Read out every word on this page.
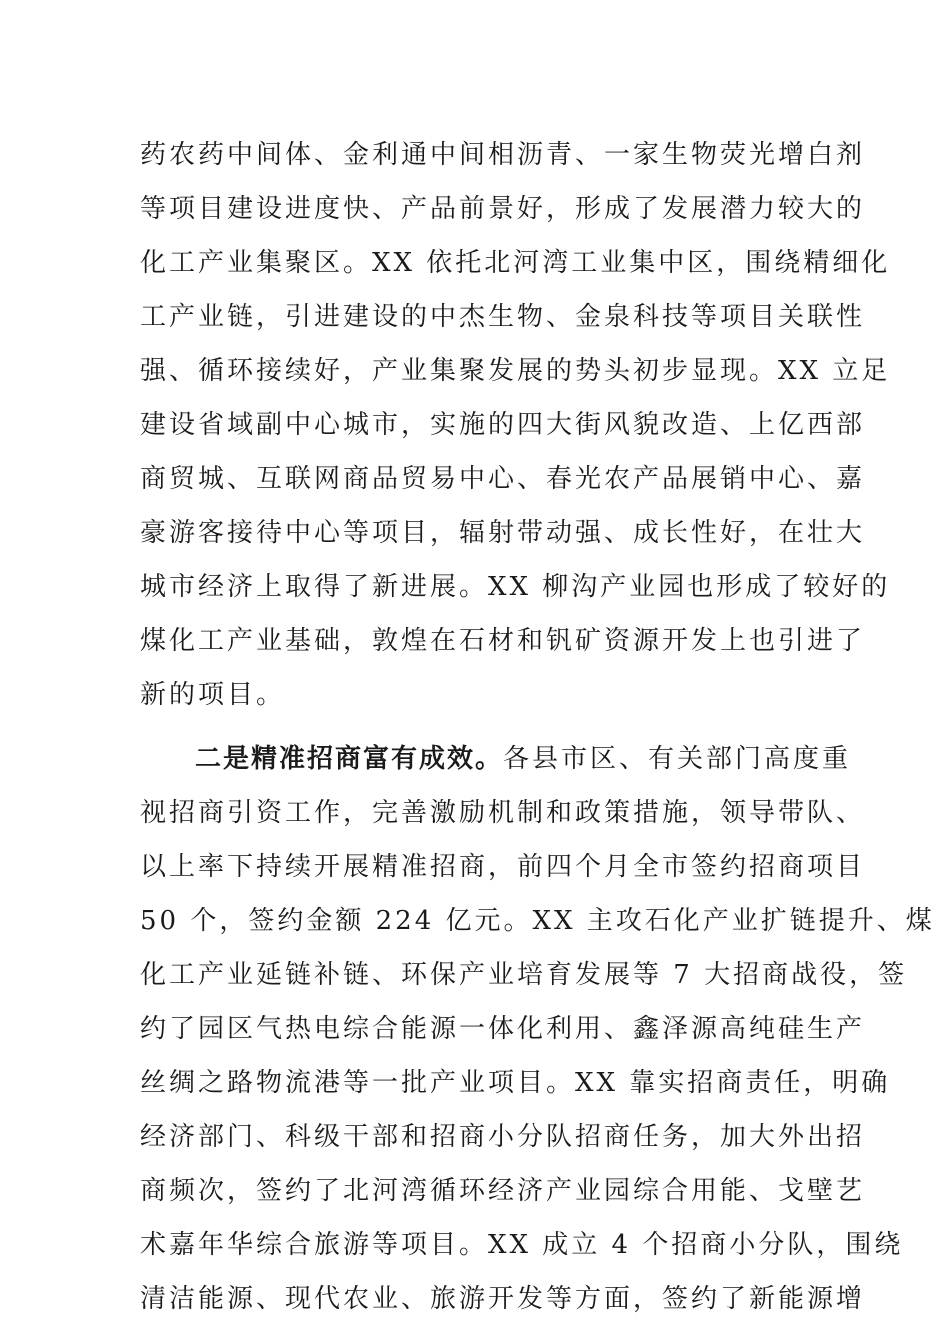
药农药中间体、金利通中间相沥青、一家生物荧光增白剂
等项目建设进度快、产品前景好，形成了发展潜力较大的
化工产业集聚区。XX 依托北河湾工业集中区，围绕精细化
工产业链，引进建设的中杰生物、金泉科技等项目关联性
强、循环接续好，产业集聚发展的势头初步显现。XX 立足
建设省域副中心城市，实施的四大街风貌改造、上亿西部
商贸城、互联网商品贸易中心、春光农产品展销中心、嘉
豪游客接待中心等项目，辐射带动强、成长性好，在壮大
城市经济上取得了新进展。XX 柳沟产业园也形成了较好的
煤化工产业基础，敦煌在石材和钒矿资源开发上也引进了
新的项目。
二是精准招商富有成效。各县市区、有关部门高度重
视招商引资工作，完善激励机制和政策措施，领导带队、
以上率下持续开展精准招商，前四个月全市签约招商项目
50 个，签约金额 224 亿元。XX 主攻石化产业扩链提升、煤
化工产业延链补链、环保产业培育发展等 7 大招商战役，签
约了园区气热电综合能源一体化利用、鑫泽源高纯硅生产
丝绸之路物流港等一批产业项目。XX 靠实招商责任，明确
经济部门、科级干部和招商小分队招商任务，加大外出招
商频次，签约了北河湾循环经济产业园综合用能、戈壁艺
术嘉年华综合旅游等项目。XX 成立 4 个招商小分队，围绕
清洁能源、现代农业、旅游开发等方面，签约了新能源增
